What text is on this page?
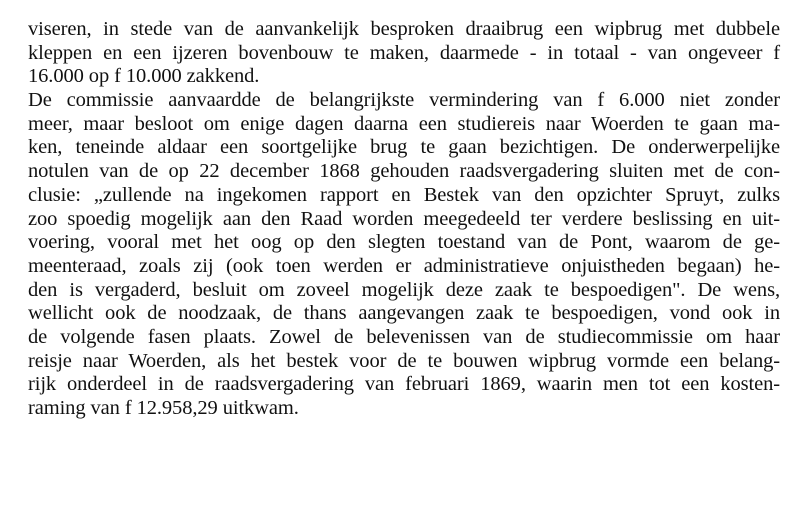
viseren, in stede van de aanvankelijk besproken draaibrug een wipbrug met dubbele
kleppen en een ijzeren bovenbouw te maken, daarmede - in totaal - van ongeveer f
16.000 op f 10.000 zakkend.
De commissie aanvaardde de belangrijkste vermindering van f 6.000 niet zonder
meer, maar besloot om enige dagen daarna een studiereis naar Woerden te gaan ma-
ken, teneinde aldaar een soortgelijke brug te gaan bezichtigen. De onderwerpelijke
notulen van de op 22 december 1868 gehouden raadsvergadering sluiten met de con-
clusie: „zullende na ingekomen rapport en Bestek van den opzichter Spruyt, zulks
zoo spoedig mogelijk aan den Raad worden meegedeeld ter verdere beslissing en uit-
voering, vooral met het oog op den slegten toestand van de Pont, waarom de ge-
meenteraad, zoals zij (ook toen werden er administratieve onjuistheden begaan) he-
den is vergaderd, besluit om zoveel mogelijk deze zaak te bespoedigen". De wens,
wellicht ook de noodzaak, de thans aangevangen zaak te bespoedigen, vond ook in
de volgende fasen plaats. Zowel de belevenissen van de studiecommissie om haar
reisje naar Woerden, als het bestek voor de te bouwen wipbrug vormde een belang-
rijk onderdeel in de raadsvergadering van februari 1869, waarin men tot een kosten-
raming van f 12.958,29 uitkwam.
